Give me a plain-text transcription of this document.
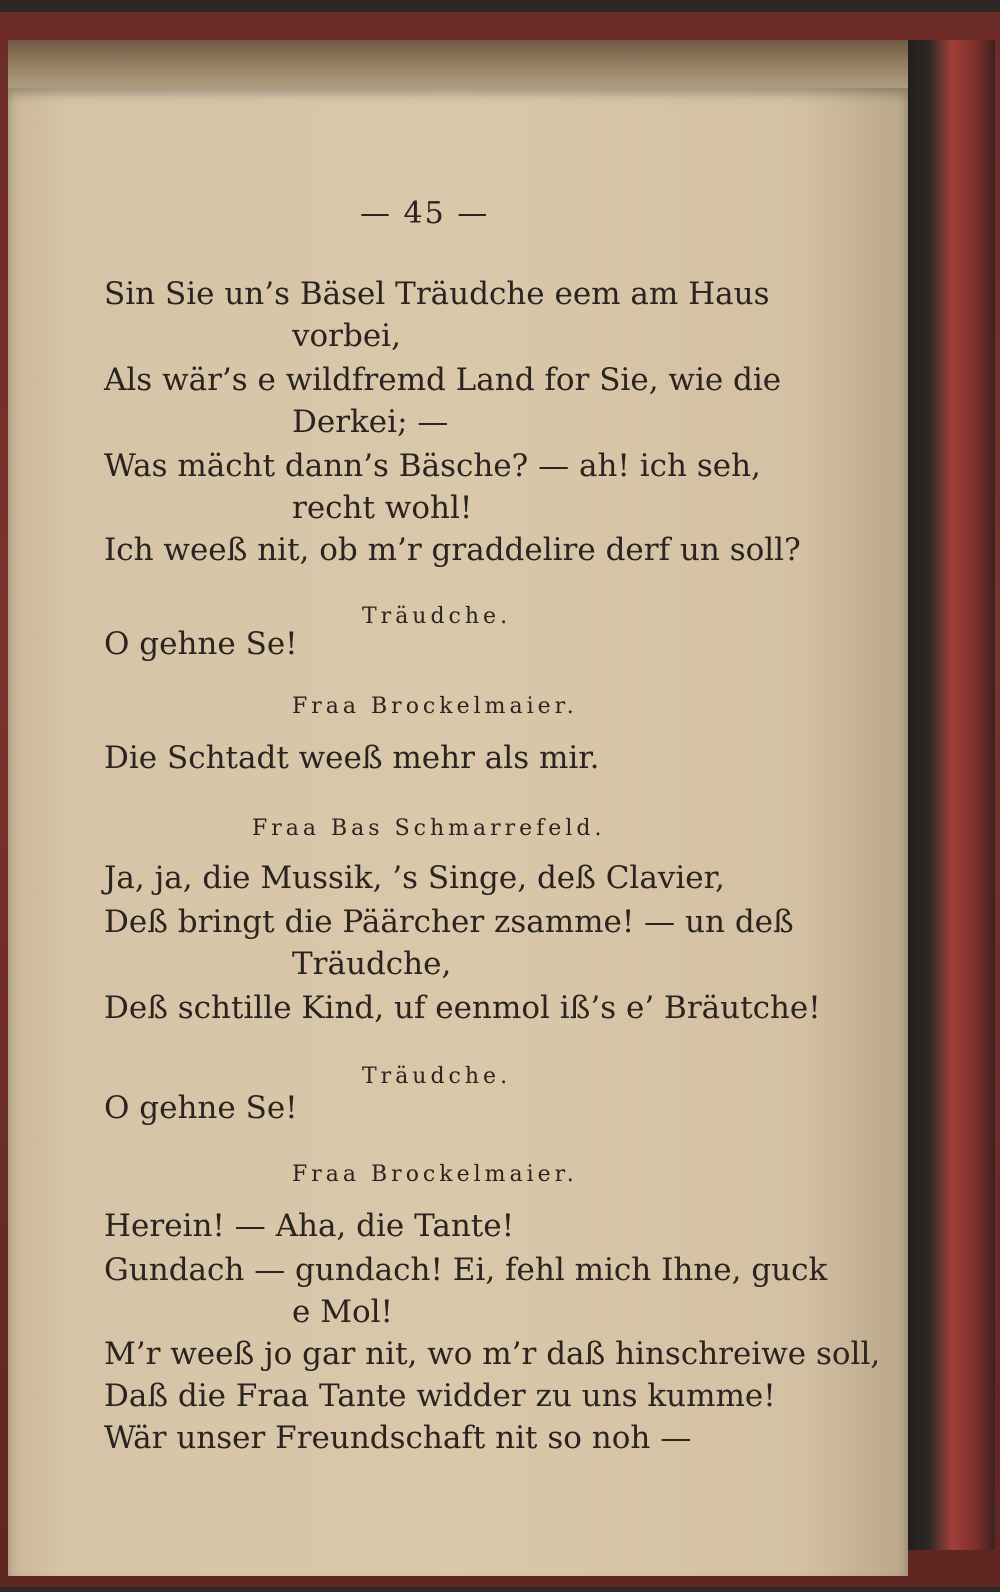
— 45 —
Sin Sie un’s Bäsel Träudche eem am Haus
vorbei,
Als wär’s e wildfremd Land for Sie, wie die
Derkei; —
Was mächt dann’s Bäsche? — ah! ich seh,
recht wohl!
Ich weeß nit, ob m’r graddelire derf un soll?
Träudche.
O gehne Se!
Fraa Brockelmaier.
Die Schtadt weeß mehr als mir.
Fraa Bas Schmarrefeld.
Ja, ja, die Mussik, ’s Singe, deß Clavier,
Deß bringt die Päärcher zsamme! — un deß
Träudche,
Deß schtille Kind, uf eenmol iß’s e’ Bräutche!
Träudche.
O gehne Se!
Fraa Brockelmaier.
Herein! — Aha, die Tante!
Gundach — gundach! Ei, fehl mich Ihne, guck
e Mol!
M’r weeß jo gar nit, wo m’r daß hinschreiwe soll,
Daß die Fraa Tante widder zu uns kumme!
Wär unser Freundschaft nit so noh —
